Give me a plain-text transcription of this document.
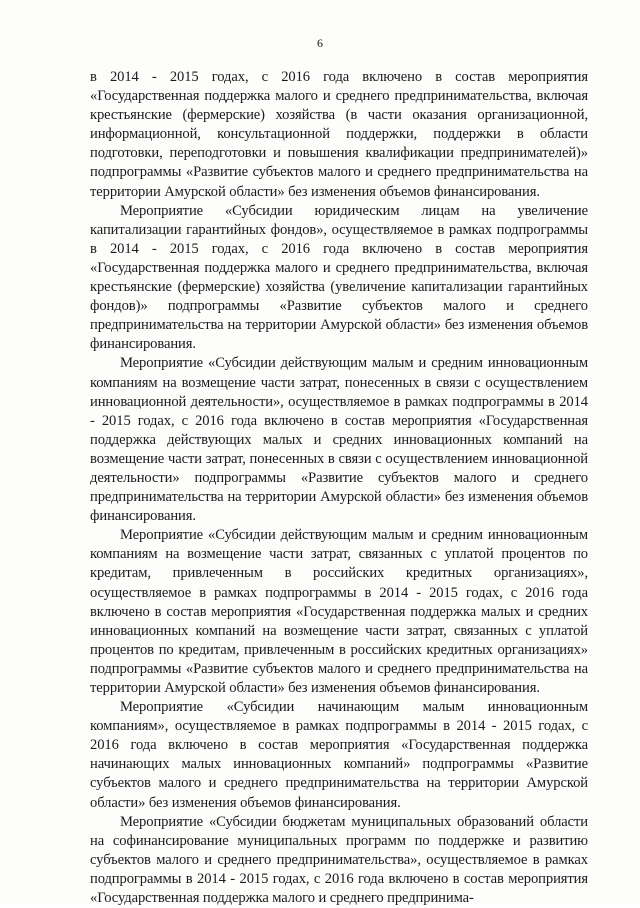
6

в 2014 - 2015 годах, с 2016 года включено в состав мероприятия «Государственная поддержка малого и среднего предпринимательства, включая крестьянские (фермерские) хозяйства (в части оказания организационной, информационной, консультационной поддержки, поддержки в области подготовки, переподготовки и повышения квалификации предпринимателей)» подпрограммы «Развитие субъектов малого и среднего предпринимательства на территории Амурской области» без изменения объемов финансирования.

Мероприятие «Субсидии юридическим лицам на увеличение капитализации гарантийных фондов», осуществляемое в рамках подпрограммы в 2014 - 2015 годах, с 2016 года включено в состав мероприятия «Государственная поддержка малого и среднего предпринимательства, включая крестьянские (фермерские) хозяйства (увеличение капитализации гарантийных фондов)» подпрограммы «Развитие субъектов малого и среднего предпринимательства на территории Амурской области» без изменения объемов финансирования.

Мероприятие «Субсидии действующим малым и средним инновационным компаниям на возмещение части затрат, понесенных в связи с осуществлением инновационной деятельности», осуществляемое в рамках подпрограммы в 2014 - 2015 годах, с 2016 года включено в состав мероприятия «Государственная поддержка действующих малых и средних инновационных компаний на возмещение части затрат, понесенных в связи с осуществлением инновационной деятельности» подпрограммы «Развитие субъектов малого и среднего предпринимательства на территории Амурской области» без изменения объемов финансирования.

Мероприятие «Субсидии действующим малым и средним инновационным компаниям на возмещение части затрат, связанных с уплатой процентов по кредитам, привлеченным в российских кредитных организациях», осуществляемое в рамках подпрограммы в 2014 - 2015 годах, с 2016 года включено в состав мероприятия «Государственная поддержка малых и средних инновационных компаний на возмещение части затрат, связанных с уплатой процентов по кредитам, привлеченным в российских кредитных организациях» подпрограммы «Развитие субъектов малого и среднего предпринимательства на территории Амурской области» без изменения объемов финансирования.

Мероприятие «Субсидии начинающим малым инновационным компаниям», осуществляемое в рамках подпрограммы в 2014 - 2015 годах, с 2016 года включено в состав мероприятия «Государственная поддержка начинающих малых инновационных компаний» подпрограммы «Развитие субъектов малого и среднего предпринимательства на территории Амурской области» без изменения объемов финансирования.

Мероприятие «Субсидии бюджетам муниципальных образований области на софинансирование муниципальных программ по поддержке и развитию субъектов малого и среднего предпринимательства», осуществляемое в рамках подпрограммы в 2014 - 2015 годах, с 2016 года включено в состав мероприятия «Государственная поддержка малого и среднего предпринима-
